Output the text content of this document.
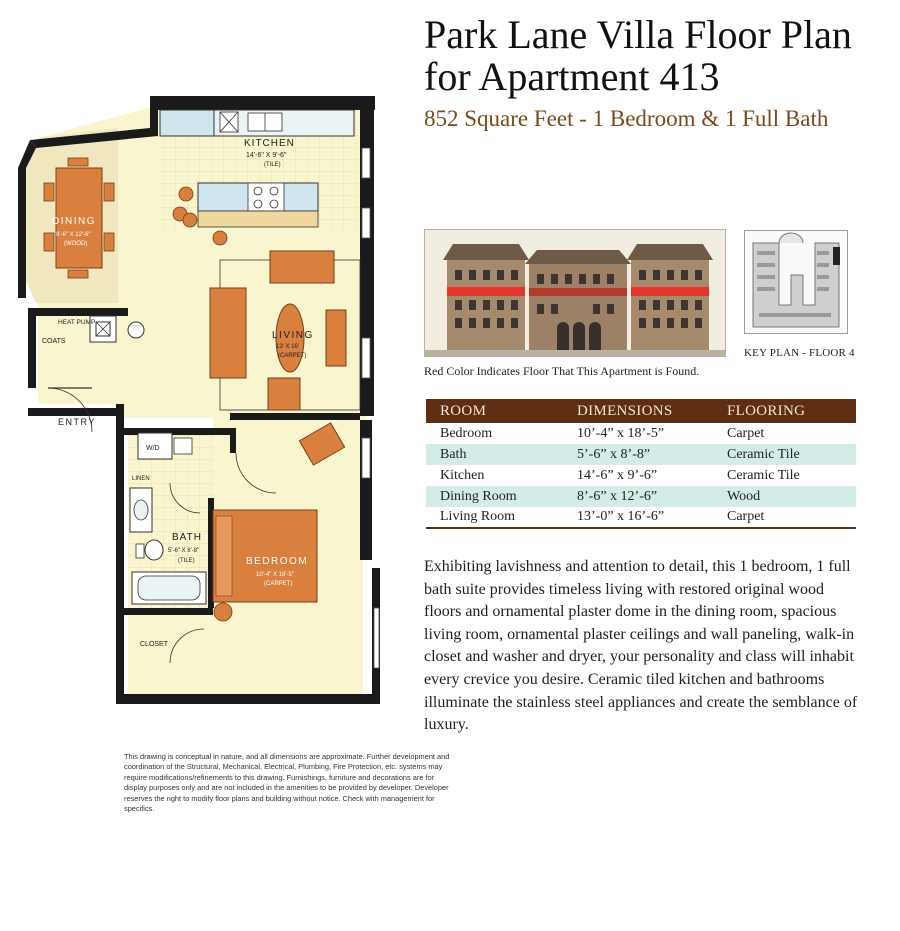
Park Lane Villa Floor Plan for Apartment 413
852 Square Feet - 1 Bedroom & 1 Full Bath
KEY PLAN - FLOOR 4
Red Color Indicates Floor That This Apartment is Found.
ROOM	DIMENSIONS	FLOORING
Bedroom	10’-4” x 18’-5”	Carpet
Bath	5’-6” x 8’-8”	Ceramic Tile
Kitchen	14’-6” x 9’-6”	Ceramic Tile
Dining Room	8’-6” x 12’-6”	Wood
Living Room	13’-0” x 16’-6”	Carpet

Exhibiting lavishness and attention to detail, this 1 bedroom, 1 full bath suite provides timeless living with restored original wood floors and ornamental plaster dome in the dining room, spacious living room, ornamental plaster ceilings and wall paneling, walk-in closet and washer and dryer, your personality and class will inhabit every crevice you desire. Ceramic tiled kitchen and bathrooms illuminate the stainless steel appliances and create the semblance of luxury.

This drawing is conceptual in nature, and all dimensions are approximate. Further development and coordination of the Structural, Mechanical, Electrical, Plumbing, Fire Protection, etc. systems may require modifications/refinements to this drawing. Furnishings, furniture and decorations are for display purposes only and are not included in the amenities to be provided by developer. Developer reserves the right to modify floor plans and building without notice. Check with management for specifics.

KITCHEN
14'-6" X 9'-6"
(TILE)
DINING
8'-6" X 12'-6"
(WOOD)
LIVING
13' X 16'
(CARPET)
HEAT PUMP
COATS
ENTRY
W/D
LINEN
BATH
5'-6" X 8'-8"
(TILE)	BEDROOM
10'-4" X 18'-5"
(CARPET)
CLOSET
